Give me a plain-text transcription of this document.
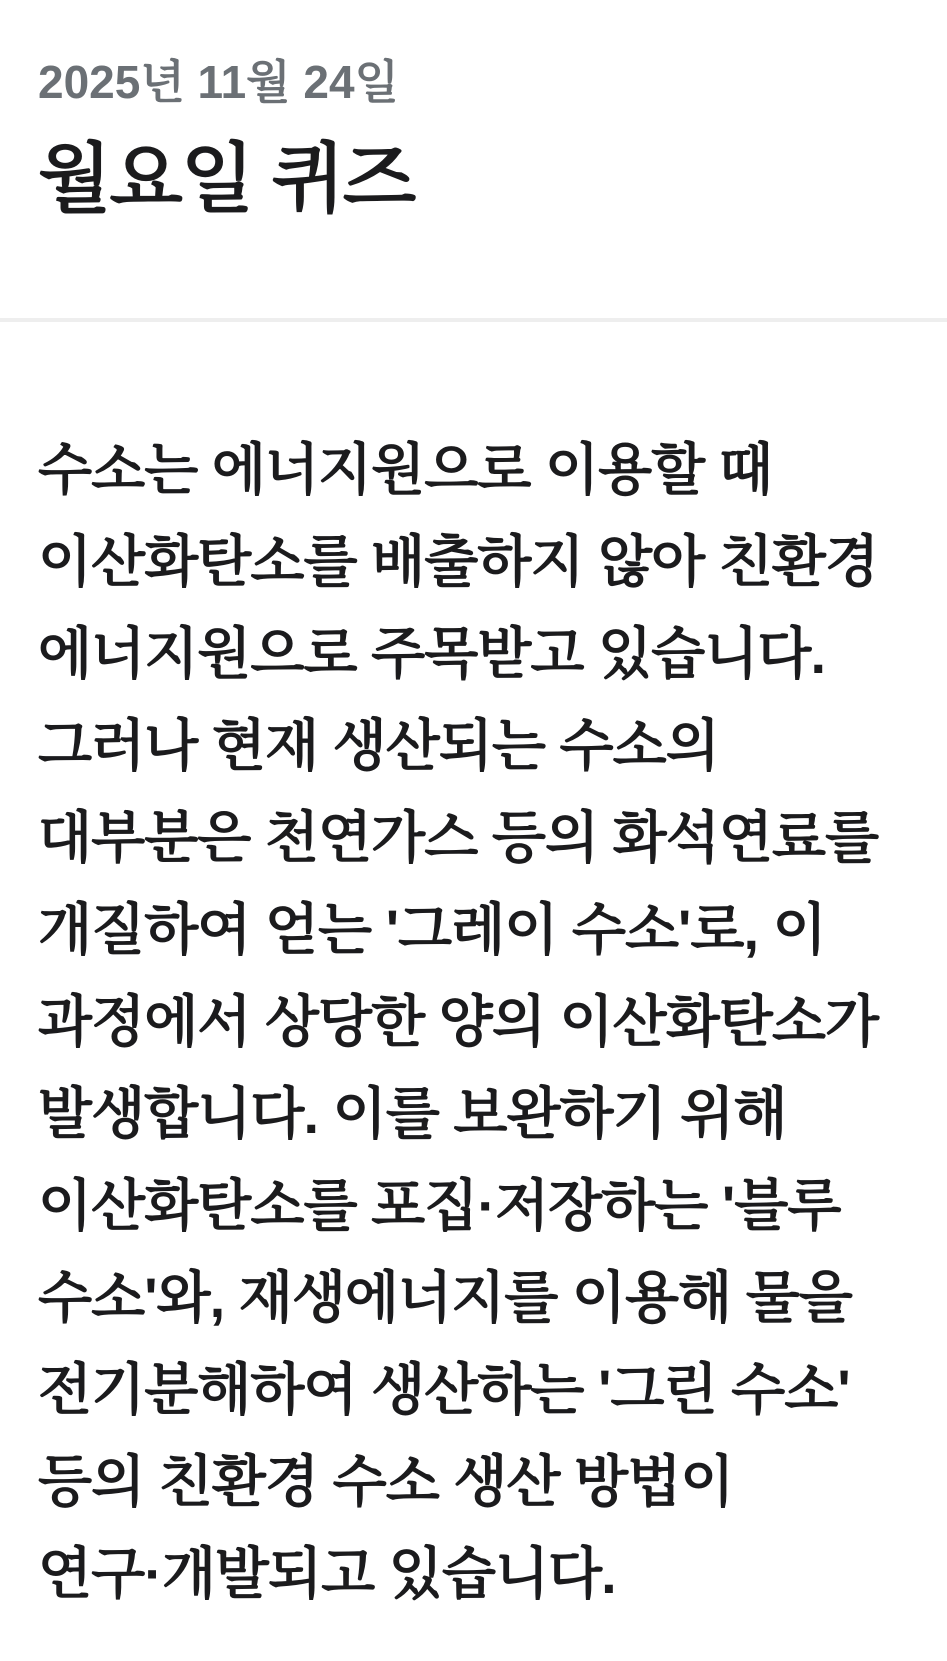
2025년 11월 24일
월요일 퀴즈
수소는 에너지원으로 이용할 때
이산화탄소를 배출하지 않아 친환경
에너지원으로 주목받고 있습니다.
그러나 현재 생산되는 수소의
대부분은 천연가스 등의 화석연료를
개질하여 얻는 '그레이 수소'로, 이
과정에서 상당한 양의 이산화탄소가
발생합니다. 이를 보완하기 위해
이산화탄소를 포집·저장하는 '블루
수소'와, 재생에너지를 이용해 물을
전기분해하여 생산하는 '그린 수소'
등의 친환경 수소 생산 방법이
연구·개발되고 있습니다.
